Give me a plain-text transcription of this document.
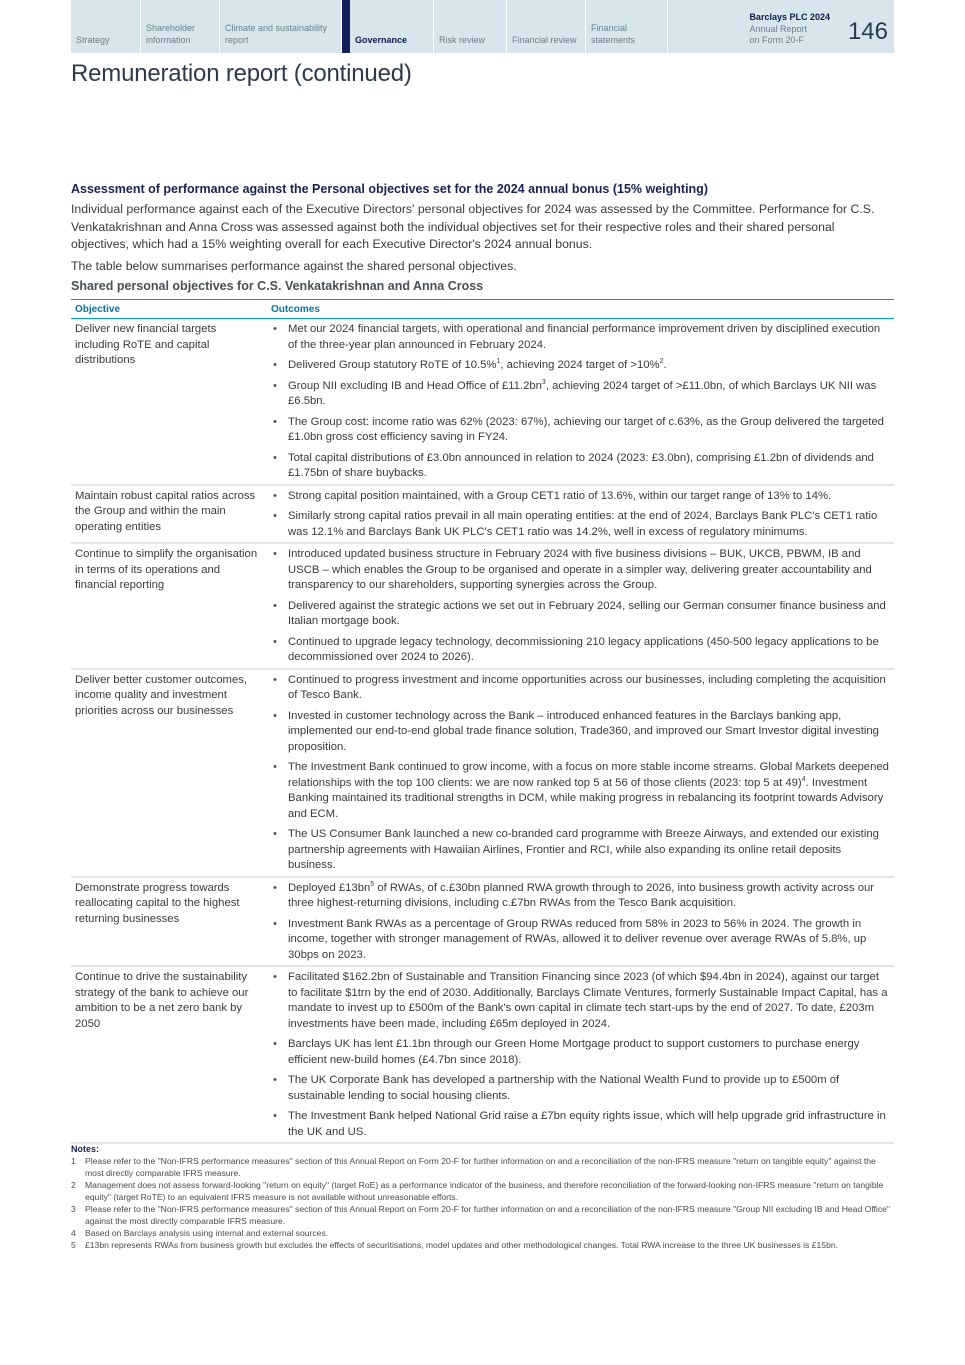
Strategy
Shareholder information
Climate and sustainability report	Governance	Risk review	Financial review
Financial statements
Barclays PLC 2024
Annual Report
on Form 20-F	146
Remuneration report (continued)
Assessment of performance against the Personal objectives set for the 2024 annual bonus (15% weighting)

Individual performance against each of the Executive Directors' personal objectives for 2024 was assessed by the Committee. Performance for C.S. Venkatakrishnan and Anna Cross was assessed against both the individual objectives set for their respective roles and their shared personal objectives, which had a 15% weighting overall for each Executive Director's 2024 annual bonus.

The table below summarises performance against the shared personal objectives.

Shared personal objectives for C.S. Venkatakrishnan and Anna Cross
Objective	Outcomes
Deliver new financial targets including RoTE and capital distributions	
• Met our 2024 financial targets, with operational and financial performance improvement driven by disciplined execution of the three-year plan announced in February 2024.
• Delivered Group statutory RoTE of 10.5%$^1$, achieving 2024 target of >10%$^2$.
• Group NII excluding IB and Head Office of $£11.2bn^3$, achieving 2024 target of >£11.0bn, of which Barclays UK NII was £6.5bn.
• The Group cost: income ratio was 62% (2023: 67%), achieving our target of c.63%, as the Group delivered the targeted £1.0bn gross cost efficiency saving in FY24.
• Total capital distributions of £3.0bn announced in relation to 2024 (2023: £3.0bn), comprising £1.2bn of dividends and £1.75bn of share buybacks.

Maintain robust capital ratios across the Group and within the main operating entities	
• Strong capital position maintained, with a Group CET1 ratio of 13.6%, within our target range of 13% to 14%.
• Similarly strong capital ratios prevail in all main operating entities: at the end of 2024, Barclays Bank PLC's CET1 ratio was 12.1% and Barclays Bank UK PLC's CET1 ratio was 14.2%, well in excess of regulatory minimums.

Continue to simplify the organisation in terms of its operations and financial reporting	
• Introduced updated business structure in February 2024 with five business divisions – BUK, UKCB, PBWM, IB and USCB – which enables the Group to be organised and operate in a simpler way, delivering greater accountability and transparency to our shareholders, supporting synergies across the Group.
• Delivered against the strategic actions we set out in February 2024, selling our German consumer finance business and Italian mortgage book.
• Continued to upgrade legacy technology, decommissioning 210 legacy applications (450-500 legacy applications to be decommissioned over 2024 to 2026).

Deliver better customer outcomes, income quality and investment priorities across our businesses	
• Continued to progress investment and income opportunities across our businesses, including completing the acquisition of Tesco Bank.
• Invested in customer technology across the Bank – introduced enhanced features in the Barclays banking app, implemented our end-to-end global trade finance solution, Trade360, and improved our Smart Investor digital investing proposition.
• The Investment Bank continued to grow income, with a focus on more stable income streams. Global Markets deepened relationships with the top 100 clients: we are now ranked top 5 at 56 of those clients (2023: top 5 at 49)$^4$. Investment Banking maintained its traditional strengths in DCM, while making progress in rebalancing its footprint towards Advisory and ECM.
• The US Consumer Bank launched a new co-branded card programme with Breeze Airways, and extended our existing partnership agreements with Hawaiian Airlines, Frontier and RCI, while also expanding its online retail deposits business.

Demonstrate progress towards reallocating capital to the highest returning businesses	
• Deployed $£13bn^5$ of RWAs, of c.£30bn planned RWA growth through to 2026, into business growth activity across our three highest-returning divisions, including c.£7bn RWAs from the Tesco Bank acquisition.
• Investment Bank RWAs as a percentage of Group RWAs reduced from 58% in 2023 to 56% in 2024. The growth in income, together with stronger management of RWAs, allowed it to deliver revenue over average RWAs of 5.8%, up 30bps on 2023.

Continue to drive the sustainability strategy of the bank to achieve our ambition to be a net zero bank by 2050	
• Facilitated $162.2bn of Sustainable and Transition Financing since 2023 (of which $94.4bn in 2024), against our target to facilitate $1trn by the end of 2030. Additionally, Barclays Climate Ventures, formerly Sustainable Impact Capital, has a mandate to invest up to £500m of the Bank's own capital in climate tech start-ups by the end of 2027. To date, £203m investments have been made, including £65m deployed in 2024.
• Barclays UK has lent £1.1bn through our Green Home Mortgage product to support customers to purchase energy efficient new-build homes (£4.7bn since 2018).
• The UK Corporate Bank has developed a partnership with the National Wealth Fund to provide up to £500m of sustainable lending to social housing clients.
• The Investment Bank helped National Grid raise a £7bn equity rights issue, which will help upgrade grid infrastructure in the UK and US.
Notes:
1 Please refer to the "Non-IFRS performance measures" section of this Annual Report on Form 20-F for further information on and a reconciliation of the non-IFRS measure "return on tangible equity" against the most directly comparable IFRS measure.
2 Management does not assess forward-looking "return on equity" (target RoE) as a performance indicator of the business, and therefore reconciliation of the forward-looking non-IFRS measure "return on tangible equity" (target RoTE) to an equivalent IFRS measure is not available without unreasonable efforts.
3 Please refer to the "Non-IFRS performance measures" section of this Annual Report on Form 20-F for further information on and a reconciliation of the non-IFRS measure "Group NII excluding IB and Head Office" against the most directly comparable IFRS measure.
4 Based on Barclays analysis using internal and external sources.
5 £13bn represents RWAs from business growth but excludes the effects of securitisations, model updates and other methodological changes. Total RWA increase to the three UK businesses is £15bn.
